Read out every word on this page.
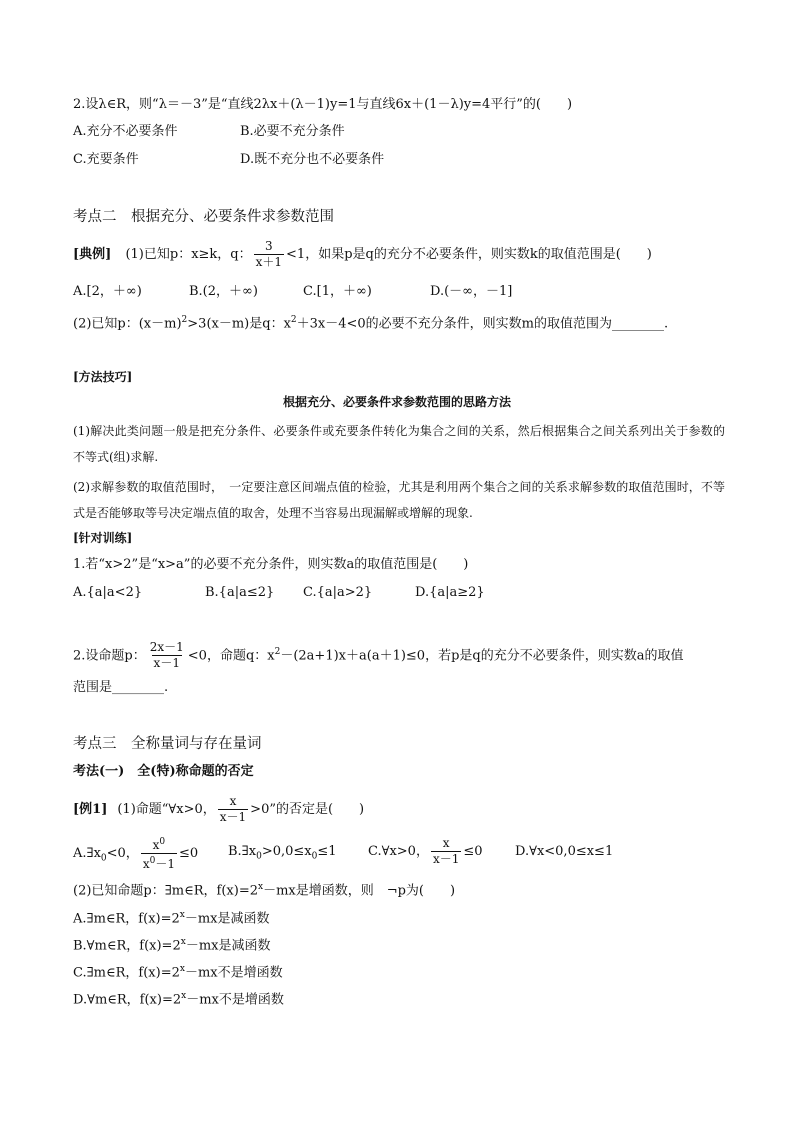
2.设λ∈R，则“λ＝－3”是“直线2λx＋(λ－1)y=1与直线6x＋(1－λ)y=4平行”的(　　)
A.充分不必要条件	B.必要不充分条件
C.充要条件	D.既不充分也不必要条件
考点二　根据充分、必要条件求参数范围
[典例] (1)已知p：x≥k，q： $\frac{3}{x+1} <1$，如果p是q的充分不必要条件，则实数k的取值范围是(　　)
A.[2，＋∞)	B.(2，＋∞)	C.[1，＋∞)	D.(－∞，－1]
(2)已知p：$(x-m)^2>3(x-m)$是q：$x^2+3x-4<0$的必要不充分条件，则实数m的取值范围为________.
[方法技巧]
根据充分、必要条件求参数范围的思路方法
(1)解决此类问题一般是把充分条件、必要条件或充要条件转化为集合之间的关系，然后根据集合之间关系列出关于参数的不等式(组)求解.
(2)求解参数的取值范围时，　一定要注意区间端点值的检验，尤其是利用两个集合之间的关系求解参数的取值范围时，不等式是否能够取等号决定端点值的取舍，处理不当容易出现漏解或增解的现象.
[针对训练]
1.若“x>2”是“x>a”的必要不充分条件，则实数a的取值范围是(　　)
A.{a|a<2}	B.{a|a≤2} C.{a|a>2}	D.{a|a≥2}
2.设命题p： $\frac{2x-1}{x-1} <0$，命题q：$x^2-(2a+1)x+a(a+1)\le 0$，若p是q的充分不必要条件，则实数a的取值
范围是________.
考点三　全称量词与存在量词
考法(一)　全(特)称命题的否定
[例1] (1)命题“∀x>0， $\frac{x}{x-1} >0$”的否定是(　　)
$A.\exists x_0<0$， $\frac{x^0}{x^0-1} \le 0$ $B.\exists x_0>0,0\le x_0\le 1$ C.∀x>0， $\frac{x}{x-1} \le 0$ D.∀x<0,0≤x≤1
(2)已知命题p：∃m∈R，$f(x)=2^x-mx$是增函数，则　¬p为(　　)
A.∃m∈R，$f(x)=2^x-mx$是减函数
B.∀m∈R，$f(x)=2^x-mx$是减函数
C.∃m∈R，$f(x)=2^x-mx$不是增函数
D.∀m∈R，$f(x)=2^x-mx$不是增函数
